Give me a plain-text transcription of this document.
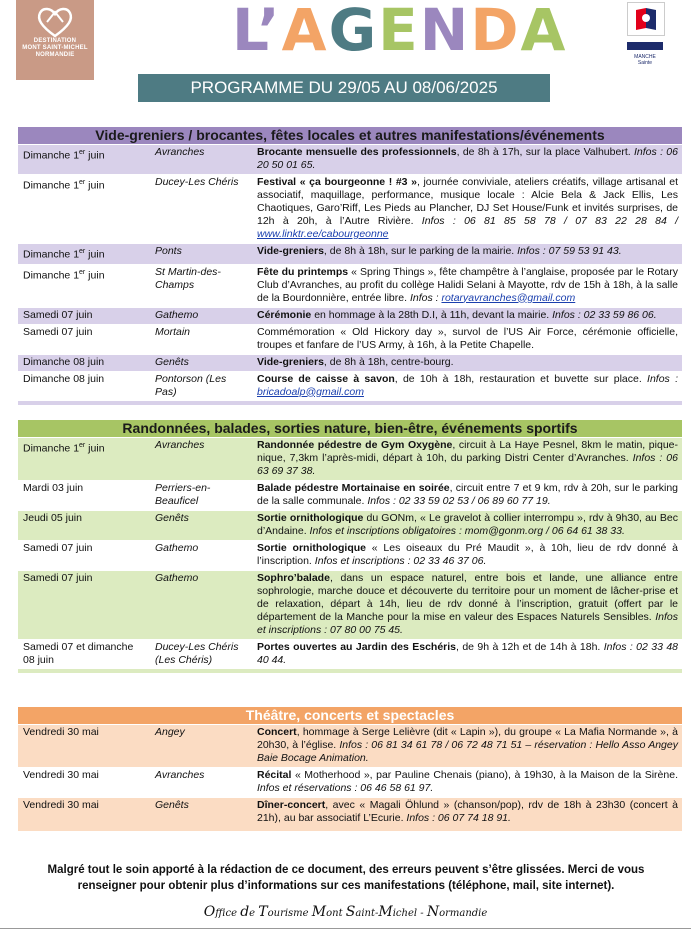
DESTINATION
MONT SAINT-MICHEL
NORMANDIE	L’AGENDA
PROGRAMME DU 29/05 AU 08/06/2025
MANCHE
Sainte
Vide-greniers / brocantes, fêtes locales et autres manifestations/événements
Dimanche 1er juin	Avranches	Brocante mensuelle des professionnels, de 8h à 17h, sur la place Valhubert. Infos : 06 20 50 01 65.
Dimanche 1er juin	Ducey-Les Chéris	Festival « ça bourgeonne ! #3 », journée conviviale, ateliers créatifs, village artisanal et associatif, maquillage, performance, musique locale : Alcie Bela & Jack Ellis, Les Chaotiques, Garo’Riff, Les Pieds au Plancher, DJ Set House/Funk et invités surprises, de 12h à 20h, à l’Autre Rivière. Infos : 06 81 85 58 78 / 07 83 22 28 84 / www.linktr.ee/cabourgeonne
Dimanche 1er juin	Ponts	Vide-greniers, de 8h à 18h, sur le parking de la mairie. Infos : 07 59 53 91 43.
Dimanche 1er juin	St Martin-des-Champs	Fête du printemps « Spring Things », fête champêtre à l’anglaise, proposée par le Rotary Club d’Avranches, au profit du collège Halidi Selani à Mayotte, rdv de 15h à 18h, à la salle de la Bourdonnière, entrée libre. Infos : rotaryavranches@gmail.com
Samedi 07 juin	Gathemo	Cérémonie en hommage à la 28th D.I, à 11h, devant la mairie. Infos : 02 33 59 86 06.
Samedi 07 juin	Mortain	Commémoration « Old Hickory day », survol de l’US Air Force, cérémonie officielle, troupes et fanfare de l’US Army, à 16h, à la Petite Chapelle.
Dimanche 08 juin	Genêts	Vide-greniers, de 8h à 18h, centre-bourg.
Dimanche 08 juin	Pontorson (Les Pas)	Course de caisse à savon, de 10h à 18h, restauration et buvette sur place. Infos : bricadoalp@gmail.com
Randonnées, balades, sorties nature, bien-être, événements sportifs
Dimanche 1er juin	Avranches	Randonnée pédestre de Gym Oxygène, circuit à La Haye Pesnel, 8km le matin, pique-nique, 7,3km l’après-midi, départ à 10h, du parking Distri Center d’Avranches. Infos : 06 63 69 37 38.
Mardi 03 juin	Perriers-en-Beauficel	Balade pédestre Mortainaise en soirée, circuit entre 7 et 9 km, rdv à 20h, sur le parking de la salle communale. Infos : 02 33 59 02 53 / 06 89 60 77 19.
Jeudi 05 juin	Genêts	Sortie ornithologique du GONm, « Le gravelot à collier interrompu », rdv à 9h30, au Bec d’Andaine. Infos et inscriptions obligatoires : mom@gonm.org / 06 64 61 38 33.
Samedi 07 juin	Gathemo	Sortie ornithologique « Les oiseaux du Pré Maudit », à 10h, lieu de rdv donné à l’inscription. Infos et inscriptions : 02 33 46 37 06.
Samedi 07 juin	Gathemo	Sophro’balade, dans un espace naturel, entre bois et lande, une alliance entre sophrologie, marche douce et découverte du territoire pour un moment de lâcher-prise et de relaxation, départ à 14h, lieu de rdv donné à l’inscription, gratuit (offert par le département de la Manche pour la mise en valeur des Espaces Naturels Sensibles. Infos et inscriptions : 07 80 00 75 45.
Samedi 07 et dimanche 08 juin	Ducey-Les Chéris (Les Chéris)	Portes ouvertes au Jardin des Eschéris, de 9h à 12h et de 14h à 18h. Infos : 02 33 48 40 44.
Théâtre, concerts et spectacles
Vendredi 30 mai	Angey	Concert, hommage à Serge Lelièvre (dit « Lapin »), du groupe « La Mafia Normande », à 20h30, à l’église. Infos : 06 81 34 61 78 / 06 72 48 71 51 – réservation : Hello Asso Angey Baie Bocage Animation.
Vendredi 30 mai	Avranches	Récital « Motherhood », par Pauline Chenais (piano), à 19h30, à la Maison de la Sirène. Infos et réservations : 06 46 58 61 97.
Vendredi 30 mai	Genêts	Dîner-concert, avec « Magali Öhlund » (chanson/pop), rdv de 18h à 23h30 (concert à 21h), au bar associatif L’Ecurie. Infos : 06 07 74 18 91.
Malgré tout le soin apporté à la rédaction de ce document, des erreurs peuvent s’être glissées. Merci de vous renseigner pour obtenir plus d’informations sur ces manifestations (téléphone, mail, site internet).
Office de Tourisme Mont Saint-Michel - Normandie
